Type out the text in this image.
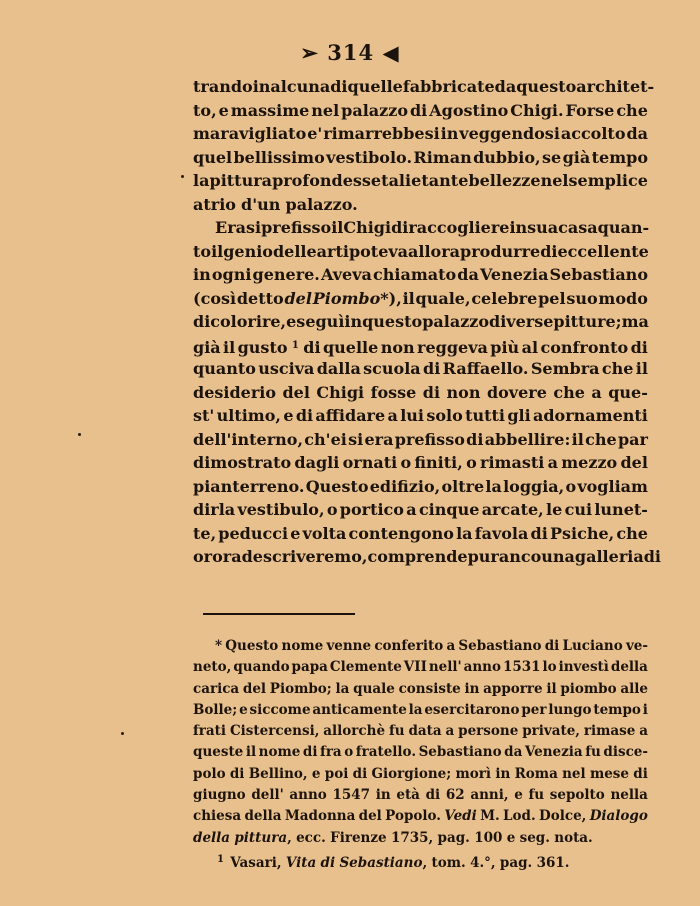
➢ 314 ◀
trando in alcuna di quelle fabbricate da questo architet-
to, e massime nel palazzo di Agostino Chigi. Forse che
maravigliato e' rimarrebbesi in veggendosi accolto da
quel bellissimo vestibolo. Riman dubbio, se già tempo
la pittura profondesse tali e tante bellezze nel semplice
atrio d'un palazzo.
Erasi prefisso il Chigi di raccogliere in sua casa quan-
to il genio delle arti poteva allora produrre di eccellente
in ogni genere. Aveva chiamato da Venezia Sebastiano
(così detto del Piombo*), il quale, celebre pel suo modo
di colorire, eseguì in questo palazzo diverse pitture; ma
già il gusto $^1$ di quelle non reggeva più al confronto di
quanto usciva dalla scuola di Raffaello. Sembra che il
desiderio del Chigi fosse di non dovere che a que-
st' ultimo, e di affidare a lui solo tutti gli adornamenti
dell'interno, ch'ei si era prefisso di abbellire: il che par
dimostrato dagli ornati o finiti, o rimasti a mezzo del
pianterreno. Questo edifizio, oltre la loggia, o vogliam
dirla vestibulo, o portico a cinque arcate, le cui lunet-
te, peducci e volta contengono la favola di Psiche, che
or ora descriveremo, comprende pur anco una galleria di
* Questo nome venne conferito a Sebastiano di Luciano ve-
neto, quando papa Clemente VII nell' anno 1531 lo investì della
carica del Piombo; la quale consiste in apporre il piombo alle
Bolle; e siccome anticamente la esercitarono per lungo tempo i
frati Cistercensi, allorchè fu data a persone private, rimase a
queste il nome di fra o fratello. Sebastiano da Venezia fu disce-
polo di Bellino, e poi di Giorgione; morì in Roma nel mese di
giugno dell' anno 1547 in età di 62 anni, e fu sepolto nella
chiesa della Madonna del Popolo. Vedi M. Lod. Dolce, Dialogo
della pittura, ecc. Firenze 1735, pag. 100 e seg. nota.
$^1$ Vasari, Vita di Sebastiano, tom. 4.°, pag. 361.
